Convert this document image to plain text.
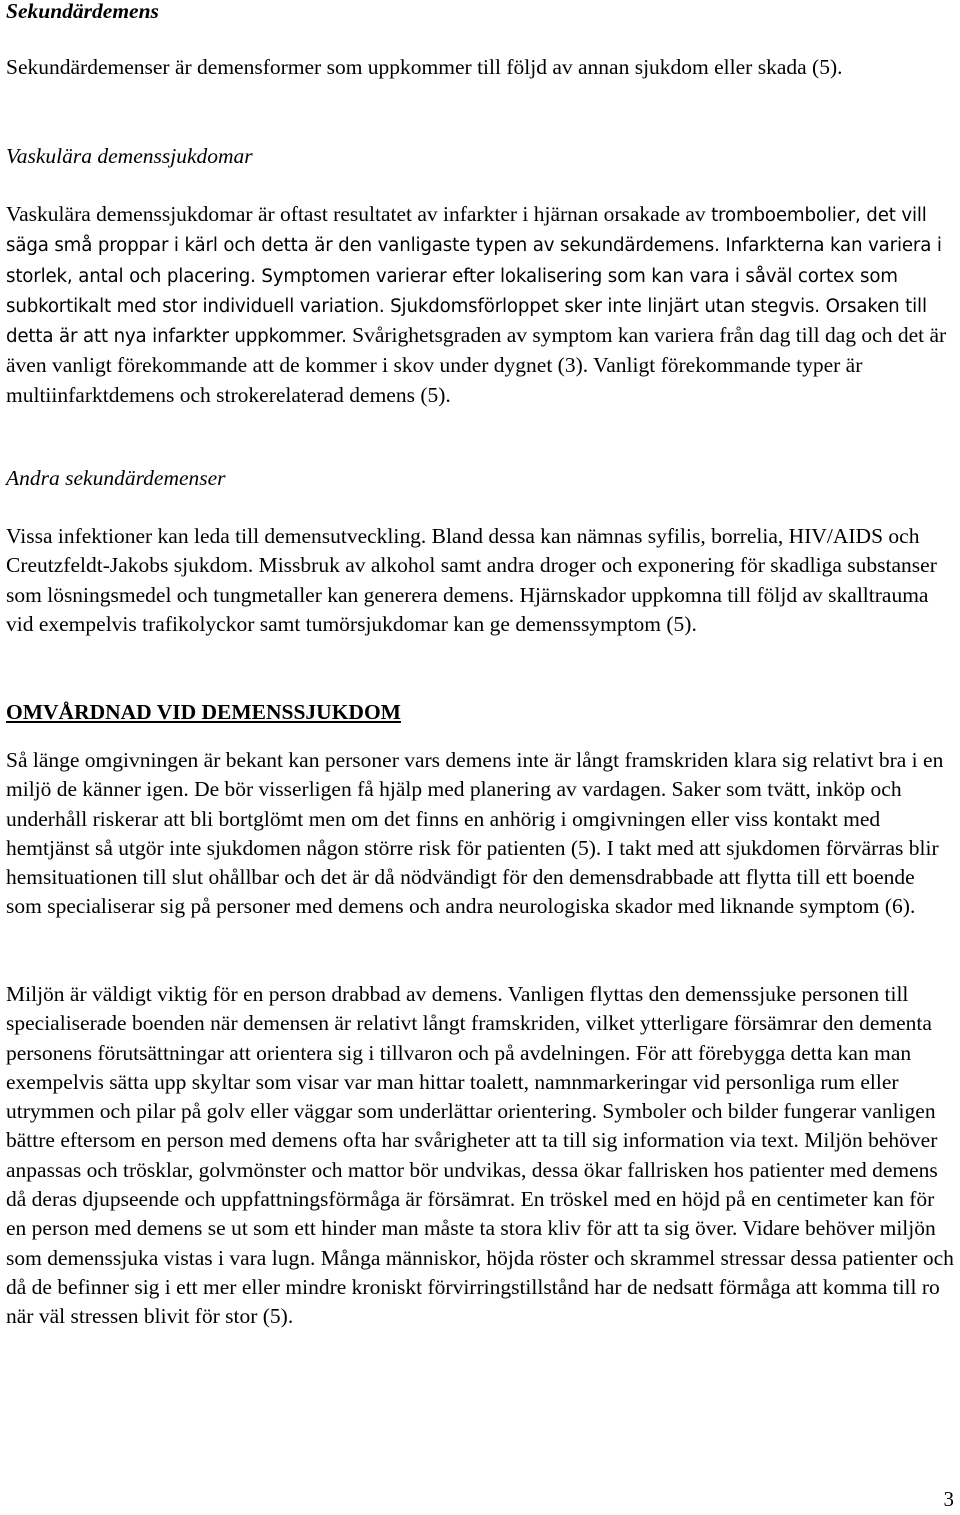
Sekundärdemens

Sekundärdemenser är demensformer som uppkommer till följd av annan sjukdom eller skada (5).

Vaskulära demenssjukdomar

Vaskulära demenssjukdomar är oftast resultatet av infarkter i hjärnan orsakade av tromboembolier, det vill säga små proppar i kärl och detta är den vanligaste typen av sekundärdemens. Infarkterna kan variera i storlek, antal och placering. Symptomen varierar efter lokalisering som kan vara i såväl cortex som subkortikalt med stor individuell variation. Sjukdomsförloppet sker inte linjärt utan stegvis. Orsaken till detta är att nya infarkter uppkommer. Svårighetsgraden av symptom kan variera från dag till dag och det är även vanligt förekommande att de kommer i skov under dygnet (3). Vanligt förekommande typer är multiinfarktdemens och strokerelaterad demens (5).

Andra sekundärdemenser

Vissa infektioner kan leda till demensutveckling. Bland dessa kan nämnas syfilis, borrelia, HIV/AIDS och Creutzfeldt-Jakobs sjukdom. Missbruk av alkohol samt andra droger och exponering för skadliga substanser som lösningsmedel och tungmetaller kan generera demens. Hjärnskador uppkomna till följd av skalltrauma vid exempelvis trafikolyckor samt tumörsjukdomar kan ge demenssymptom (5).

OMVÅRDNAD VID DEMENSSJUKDOM

Så länge omgivningen är bekant kan personer vars demens inte är långt framskriden klara sig relativt bra i en miljö de känner igen. De bör visserligen få hjälp med planering av vardagen. Saker som tvätt, inköp och underhåll riskerar att bli bortglömt men om det finns en anhörig i omgivningen eller viss kontakt med hemtjänst så utgör inte sjukdomen någon större risk för patienten (5). I takt med att sjukdomen förvärras blir hemsituationen till slut ohållbar och det är då nödvändigt för den demensdrabbade att flytta till ett boende som specialiserar sig på personer med demens och andra neurologiska skador med liknande symptom (6).

Miljön är väldigt viktig för en person drabbad av demens. Vanligen flyttas den demenssjuke personen till specialiserade boenden när demensen är relativt långt framskriden, vilket ytterligare försämrar den dementa personens förutsättningar att orientera sig i tillvaron och på avdelningen. För att förebygga detta kan man exempelvis sätta upp skyltar som visar var man hittar toalett, namnmarkeringar vid personliga rum eller utrymmen och pilar på golv eller väggar som underlättar orientering. Symboler och bilder fungerar vanligen bättre eftersom en person med demens ofta har svårigheter att ta till sig information via text. Miljön behöver anpassas och trösklar, golvmönster och mattor bör undvikas, dessa ökar fallrisken hos patienter med demens då deras djupseende och uppfattningsförmåga är försämrat. En tröskel med en höjd på en centimeter kan för en person med demens se ut som ett hinder man måste ta stora kliv för att ta sig över. Vidare behöver miljön som demenssjuka vistas i vara lugn. Många människor, höjda röster och skrammel stressar dessa patienter och då de befinner sig i ett mer eller mindre kroniskt förvirringstillstånd har de nedsatt förmåga att komma till ro när väl stressen blivit för stor (5).

3
